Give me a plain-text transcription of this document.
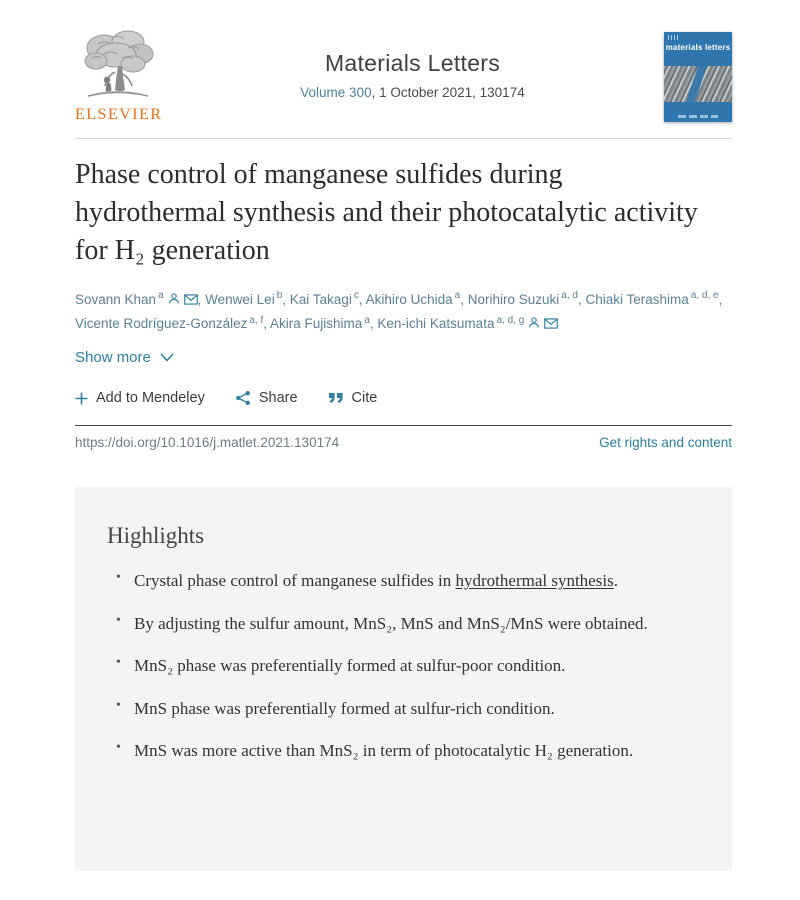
ELSEVIER
Materials Letters
Volume 300, 1 October 2021, 130174
materials letters
Phase control of manganese sulfides during hydrothermal synthesis and their photocatalytic activity for H₂ generation

Sovann Khan $^a$	, Wenwei Lei $^b$, Kai Takagi $^c$, Akihiro Uchida $^a$, Norihiro Suzuki $^{a, d}$, Chiaki Terashima $^{a, d, e}$, Vicente Rodríguez-González $^{a, f}$, Akira Fujishima $^a$, Ken-ichi Katsumata $^{a, d, g}$

Show more
Add to Mendeley	Share	Cite
https://doi.org/10.1016/j.matlet.2021.130174	Get rights and content
Highlights
• Crystal phase control of manganese sulfides in hydrothermal synthesis.
• By adjusting the sulfur amount, MnS₂, MnS and MnS₂/MnS were obtained.
• MnS₂ phase was preferentially formed at sulfur-poor condition.
• MnS phase was preferentially formed at sulfur-rich condition.
• MnS was more active than MnS₂ in term of photocatalytic H₂ generation.
